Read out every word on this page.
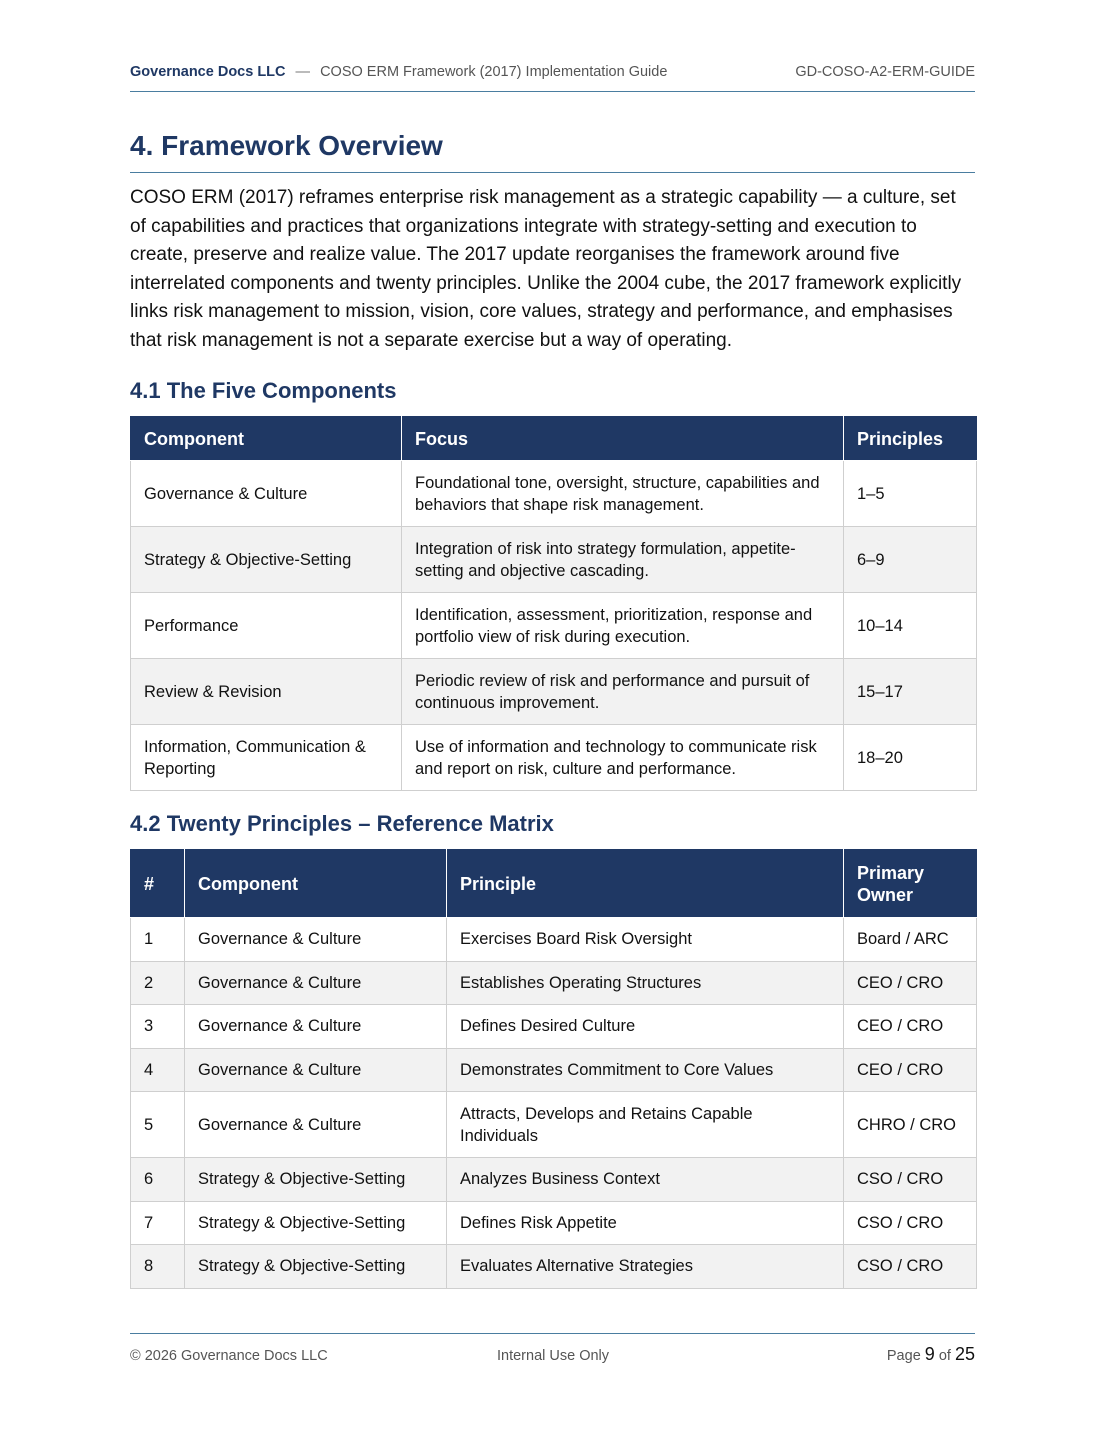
Governance Docs LLC — COSO ERM Framework (2017) Implementation Guide	GD-COSO-A2-ERM-GUIDE
4. Framework Overview

COSO ERM (2017) reframes enterprise risk management as a strategic capability — a culture, set of capabilities and practices that organizations integrate with strategy-setting and execution to create, preserve and realize value. The 2017 update reorganises the framework around five interrelated components and twenty principles. Unlike the 2004 cube, the 2017 framework explicitly links risk management to mission, vision, core values, strategy and performance, and emphasises that risk management is not a separate exercise but a way of operating.

4.1 The Five Components
Component	Focus	Principles
Governance & Culture	Foundational tone, oversight, structure, capabilities and behaviors that shape risk management.	1–5
Strategy & Objective-Setting	Integration of risk into strategy formulation, appetite-setting and objective cascading.	6–9
Performance	Identification, assessment, prioritization, response and portfolio view of risk during execution.	10–14
Review & Revision	Periodic review of risk and performance and pursuit of continuous improvement.	15–17
Information, Communication & Reporting	Use of information and technology to communicate risk and report on risk, culture and performance.	18–20
4.2 Twenty Principles – Reference Matrix
#	Component	Principle	Primary Owner
1	Governance & Culture	Exercises Board Risk Oversight	Board / ARC
2	Governance & Culture	Establishes Operating Structures	CEO / CRO
3	Governance & Culture	Defines Desired Culture	CEO / CRO
4	Governance & Culture	Demonstrates Commitment to Core Values	CEO / CRO
5	Governance & Culture	Attracts, Develops and Retains Capable Individuals	CHRO / CRO
6	Strategy & Objective-Setting	Analyzes Business Context	CSO / CRO
7	Strategy & Objective-Setting	Defines Risk Appetite	CSO / CRO
8	Strategy & Objective-Setting	Evaluates Alternative Strategies	CSO / CRO
© 2026 Governance Docs LLC	Internal Use Only	Page 9 of 25
